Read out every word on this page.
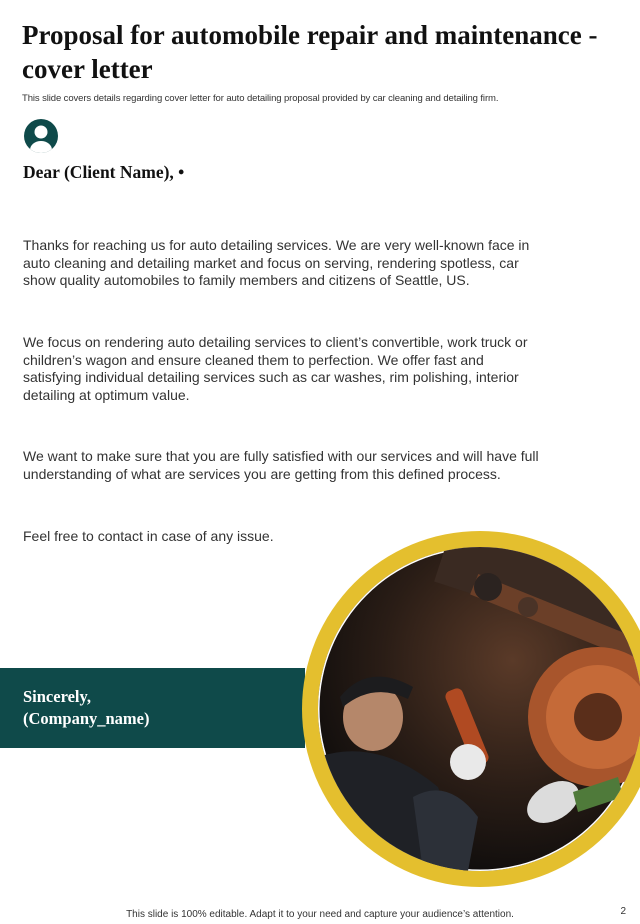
Proposal for automobile repair and maintenance - cover letter
This slide covers details regarding cover letter for auto detailing proposal provided by car cleaning and detailing firm.
Dear (Client Name), •

Thanks for reaching us for auto detailing services. We are very well-known face in auto cleaning and detailing market and focus on serving, rendering spotless, car show quality automobiles to family members and citizens of Seattle, US.

We focus on rendering auto detailing services to client’s convertible, work truck or children’s wagon and ensure cleaned them to perfection. We offer fast and satisfying individual detailing services such as car washes, rim polishing, interior detailing at optimum value.

We want to make sure that you are fully satisfied with our services and will have full understanding of what are services you are getting from this defined process.

Feel free to contact in case of any issue.

Sincerely,
(Company_name)
This slide is 100% editable. Adapt it to your need and capture your audience’s attention.	2
